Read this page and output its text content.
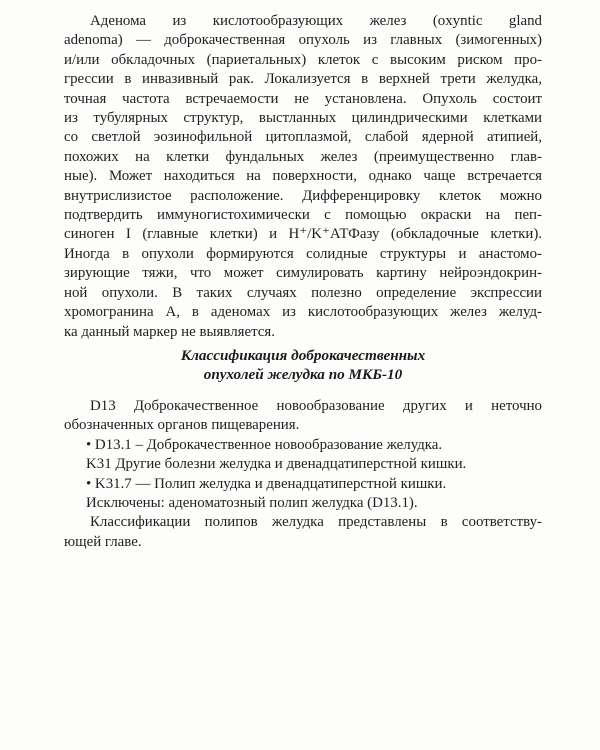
Аденома из кислотообразующих желез (oxyntic gland
adenoma) — доброкачественная опухоль из главных (зимогенных)
и/или обкладочных (париетальных) клеток с высоким риском про-
грессии в инвазивный рак. Локализуется в верхней трети желудка,
точная частота встречаемости не установлена. Опухоль состоит
из тубулярных структур, выстланных цилиндрическими клетками
со светлой эозинофильной цитоплазмой, слабой ядерной атипией,
похожих на клетки фундальных желез (преимущественно глав-
ные). Может находиться на поверхности, однако чаще встречается
внутрислизистое расположение. Дифференцировку клеток можно
подтвердить иммуногистохимически с помощью окраски на пеп-
синоген I (главные клетки) и H⁺/K⁺АТФазу (обкладочные клетки).
Иногда в опухоли формируются солидные структуры и анастомо-
зирующие тяжи, что может симулировать картину нейроэндокрин-
ной опухоли. В таких случаях полезно определение экспрессии
хромогранина А, в аденомах из кислотообразующих желез желуд-
ка данный маркер не выявляется.
Классификация доброкачественных
опухолей желудка по МКБ-10
D13 Доброкачественное новообразование других и неточно
обозначенных органов пищеварения.
• D13.1 – Доброкачественное новообразование желудка.
K31 Другие болезни желудка и двенадцатиперстной кишки.
• K31.7 — Полип желудка и двенадцатиперстной кишки.
Исключены: аденоматозный полип желудка (D13.1).
Классификации полипов желудка представлены в соответству-
ющей главе.
